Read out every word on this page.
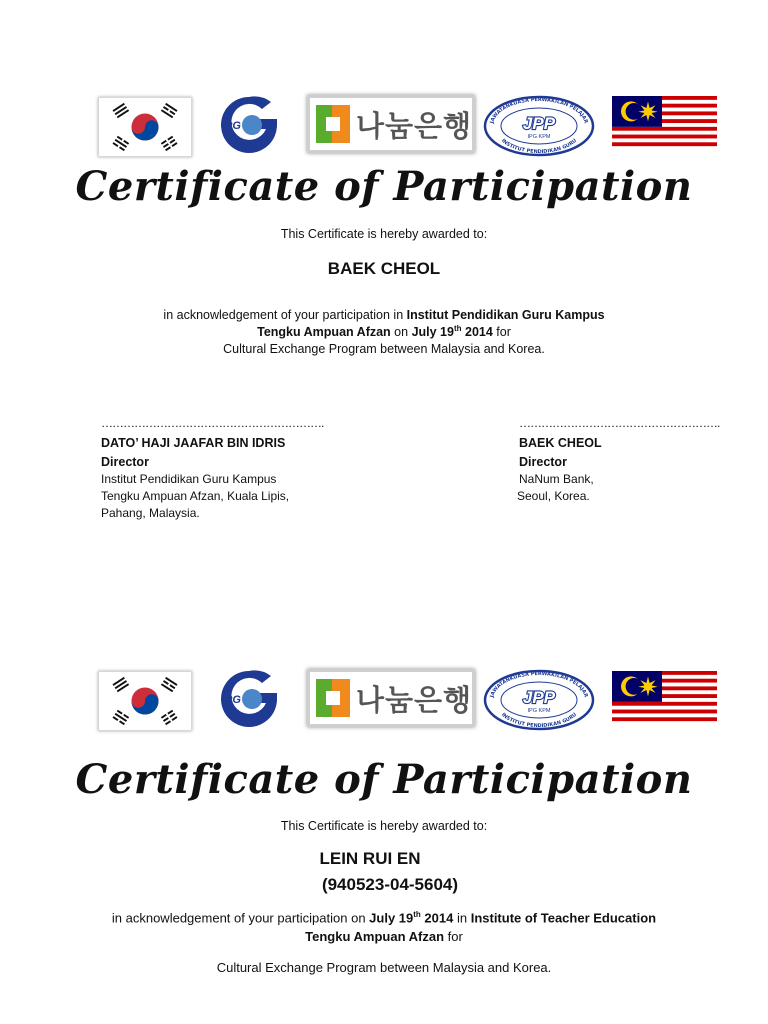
iPG	나눔은행	JAWATANKUASA PERWAKILAN PELAJAR
INSTITUT PENDIDIKAN GURU
JPP
IPG KPM
Certificate of Participation
This Certificate is hereby awarded to:
BAEK CHEOL
in acknowledgement of your participation in Institut Pendidikan Guru Kampus
Tengku Ampuan Afzan on July 19th 2014 for
Cultural Exchange Program between Malaysia and Korea.
…………………………………………………….
DATO’ HAJI JAAFAR BIN IDRIS
Director
Institut Pendidikan Guru Kampus
Tengku Ampuan Afzan, Kuala Lipis,
Pahang, Malaysia.
……………………………………………….
BAEK CHEOL
Director
NaNum Bank,
Seoul, Korea.
iPG	나눔은행	JAWATANKUASA PERWAKILAN PELAJAR
INSTITUT PENDIDIKAN GURU
JPP
IPG KPM
Certificate of Participation
This Certificate is hereby awarded to:
LEIN RUI EN
(940523-04-5604)
in acknowledgement of your participation on July 19th 2014 in Institute of Teacher Education
Tengku Ampuan Afzan for
Cultural Exchange Program between Malaysia and Korea.
